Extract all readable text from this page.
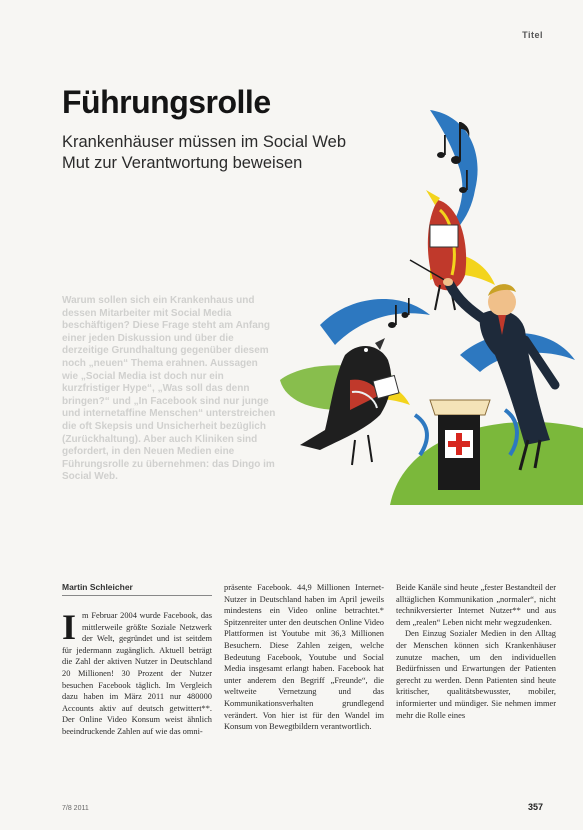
Titel
Führungsrolle
Krankenhäuser müssen im Social Web
Mut zur Verantwortung beweisen

Warum sollen sich ein Krankenhaus und dessen Mitarbeiter mit Social Media beschäftigen? Diese Frage steht am Anfang einer jeden Diskussion und über die derzeitige Grundhaltung gegenüber diesem noch „neuen“ Thema erahnen. Aussagen wie „Social Media ist doch nur ein kurzfristiger Hype“, „Was soll das denn bringen?“ und „In Facebook sind nur junge und internetaffine Menschen“ unterstreichen die oft Skepsis und Unsicherheit bezüglich (Zurückhaltung). Aber auch Kliniken sind gefordert, in den Neuen Medien eine Führungsrolle zu übernehmen: das Dingo im Social Web.

Martin Schleicher
I m Februar 2004 wurde Facebook, das mittlerweile größte Soziale Netzwerk der Welt, gegründet und ist seitdem für jedermann zugänglich. Aktuell beträgt die Zahl der aktiven Nutzer in Deutschland 20 Millionen! 30 Prozent der Nutzer besuchen Facebook täglich. Im Vergleich dazu haben im März 2011 nur 480000 Accounts aktiv auf deutsch getwittert**. Der Online Video Konsum weist ähnlich beeindruckende Zahlen auf wie das omni-

präsente Facebook. 44,9 Millionen Internet-Nutzer in Deutschland haben im April jeweils mindestens ein Video online betrachtet.* Spitzenreiter unter den deutschen Online Video Plattformen ist Youtube mit 36,3 Millionen Besuchern. Diese Zahlen zeigen, welche Bedeutung Facebook, Youtube und Social Media insgesamt erlangt haben. Facebook hat unter anderem den Begriff „Freunde“, die weltweite Vernetzung und das Kommunikationsverhalten grundlegend verändert. Von hier ist für den Wandel im Konsum von Bewegtbildern verantwortlich.

Beide Kanäle sind heute „fester Bestandteil der alltäglichen Kommunikation „normaler“, nicht technikversierter Internet Nutzer** und aus dem „realen“ Leben nicht mehr wegzudenken.

Den Einzug Sozialer Medien in den Alltag der Menschen können sich Krankenhäuser zunutze machen, um den individuellen Bedürfnissen und Erwartungen der Patienten gerecht zu werden. Denn Patienten sind heute kritischer, qualitätsbewusster, mobiler, informierter und mündiger. Sie nehmen immer mehr die Rolle eines

7/8 2011	357
